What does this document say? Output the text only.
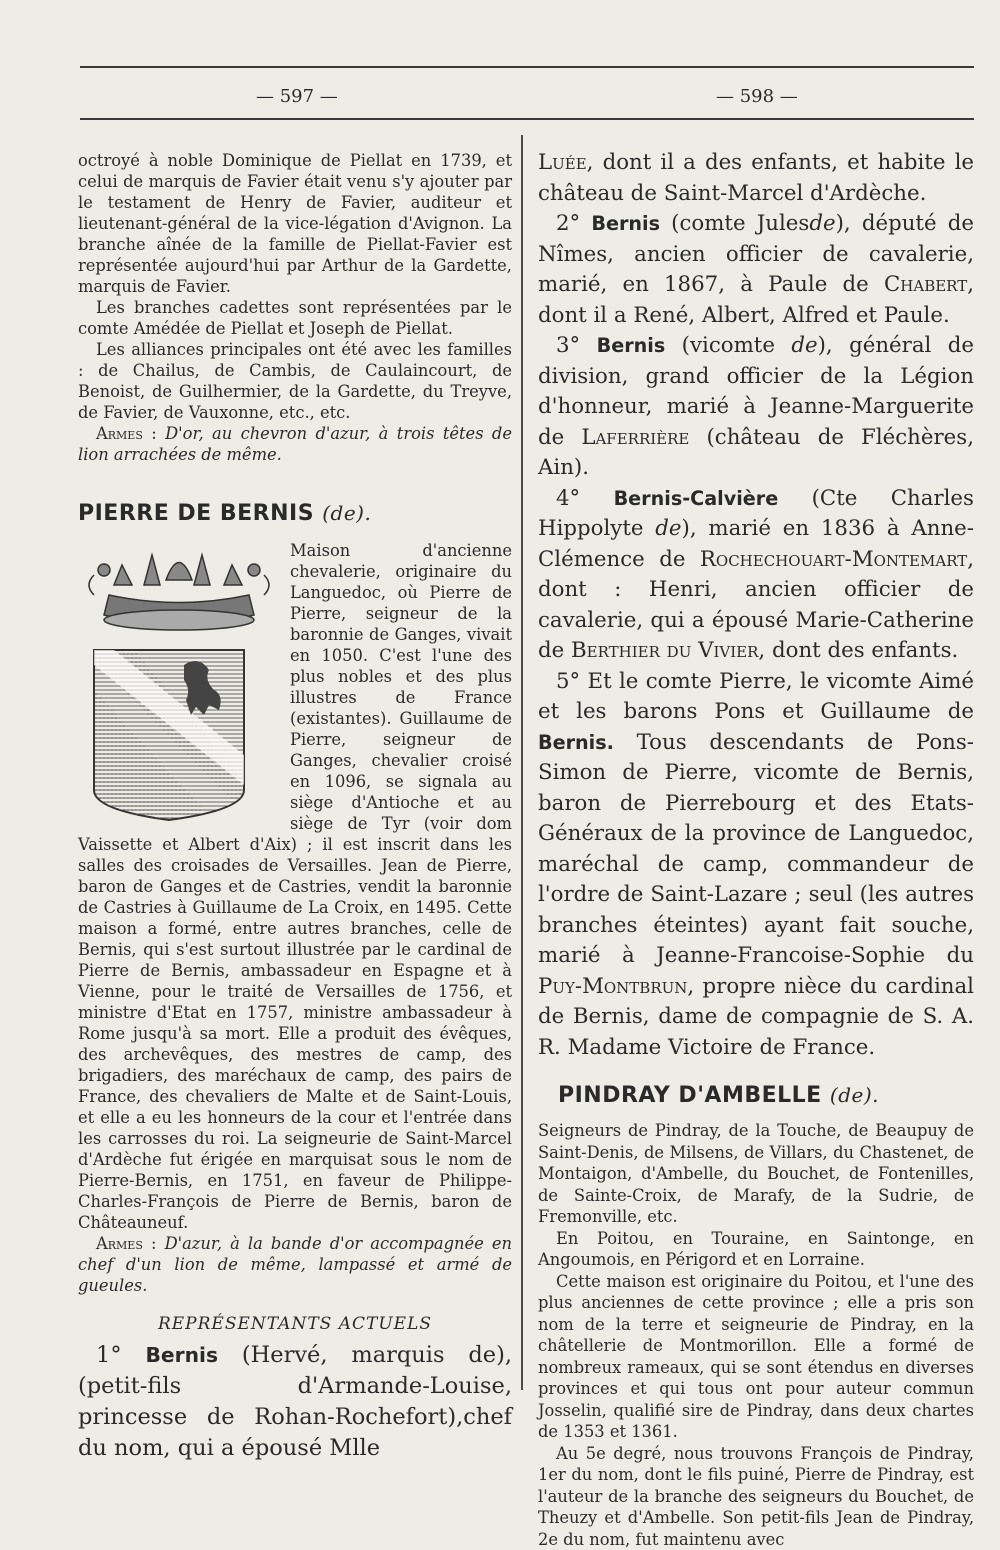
— 597 —	— 598 —

octroyé à noble Dominique de Piellat en 1739, et celui de marquis de Favier était venu s'y ajouter par le testament de Henry de Favier, auditeur et lieutenant-général de la vice-légation d'Avignon. La branche aînée de la famille de Piellat-Favier est représentée aujourd'hui par Arthur de la Gardette, marquis de Favier.

Les branches cadettes sont représentées par le comte Amédée de Piellat et Joseph de Piellat.

Les alliances principales ont été avec les familles : de Chailus, de Cambis, de Caulaincourt, de Benoist, de Guilhermier, de la Gardette, du Treyve, de Favier, de Vauxonne, etc., etc.

Armes : D'or, au chevron d'azur, à trois têtes de lion arrachées de même.

PIERRE DE BERNIS (de).

Maison d'ancienne chevalerie, originaire du Languedoc, où Pierre de Pierre, seigneur de la baronnie de Ganges, vivait en 1050. C'est l'une des plus nobles et des plus illustres de France (existantes). Guillaume de Pierre, seigneur de Ganges, chevalier croisé en 1096, se signala au siège d'Antioche et au siège de Tyr (voir dom Vaissette et Albert d'Aix) ; il est inscrit dans les salles des croisades de Versailles. Jean de Pierre, baron de Ganges et de Castries, vendit la baronnie de Castries à Guillaume de La Croix, en 1495. Cette maison a formé, entre autres branches, celle de Bernis, qui s'est surtout illustrée par le cardinal de Pierre de Bernis, ambassadeur en Espagne et à Vienne, pour le traité de Versailles de 1756, et ministre d'Etat en 1757, ministre ambassadeur à Rome jusqu'à sa mort. Elle a produit des évêques, des archevêques, des mestres de camp, des brigadiers, des maréchaux de camp, des pairs de France, des chevaliers de Malte et de Saint-Louis, et elle a eu les honneurs de la cour et l'entrée dans les carrosses du roi. La seigneurie de Saint-Marcel d'Ardèche fut érigée en marquisat sous le nom de Pierre-Bernis, en 1751, en faveur de Philippe-Charles-François de Pierre de Bernis, baron de Châteauneuf.

Armes : D'azur, à la bande d'or accompagnée en chef d'un lion de même, lampassé et armé de gueules.

REPRÉSENTANTS ACTUELS

1° Bernis (Hervé, marquis de),(petit-fils d'Armande-Louise, princesse de Rohan-Rochefort),chef du nom, qui a épousé Mlle

Luée, dont il a des enfants, et habite le château de Saint-Marcel d'Ardèche.

2° Bernis (comte Julesde), député de Nîmes, ancien officier de cavalerie, marié, en 1867, à Paule de Chabert, dont il a René, Albert, Alfred et Paule.

3° Bernis (vicomte de), général de division, grand officier de la Légion d'honneur, marié à Jeanne-Marguerite de Laferrière (château de Fléchères, Ain).

4° Bernis-Calvière (Cte Charles Hippolyte de), marié en 1836 à Anne-Clémence de Rochechouart-Montemart, dont : Henri, ancien officier de cavalerie, qui a épousé Marie-Catherine de Berthier du Vivier, dont des enfants.

5° Et le comte Pierre, le vicomte Aimé et les barons Pons et Guillaume de Bernis. Tous descendants de Pons-Simon de Pierre, vicomte de Bernis, baron de Pierrebourg et des Etats-Généraux de la province de Languedoc, maréchal de camp, commandeur de l'ordre de Saint-Lazare ; seul (les autres branches éteintes) ayant fait souche, marié à Jeanne-Francoise-Sophie du Puy-Montbrun, propre nièce du cardinal de Bernis, dame de compagnie de S. A. R. Madame Victoire de France.

PINDRAY D'AMBELLE (de).

Seigneurs de Pindray, de la Touche, de Beaupuy de Saint-Denis, de Milsens, de Villars, du Chastenet, de Montaigon, d'Ambelle, du Bouchet, de Fontenilles, de Sainte-Croix, de Marafy, de la Sudrie, de Fremonville, etc.

En Poitou, en Touraine, en Saintonge, en Angoumois, en Périgord et en Lorraine.

Cette maison est originaire du Poitou, et l'une des plus anciennes de cette province ; elle a pris son nom de la terre et seigneurie de Pindray, en la châtellerie de Montmorillon. Elle a formé de nombreux rameaux, qui se sont étendus en diverses provinces et qui tous ont pour auteur commun Josselin, qualifié sire de Pindray, dans deux chartes de 1353 et 1361.

Au 5e degré, nous trouvons François de Pindray, 1er du nom, dont le fils puiné, Pierre de Pindray, est l'auteur de la branche des seigneurs du Bouchet, de Theuzy et d'Ambelle. Son petit-fils Jean de Pindray, 2e du nom, fut maintenu avec
